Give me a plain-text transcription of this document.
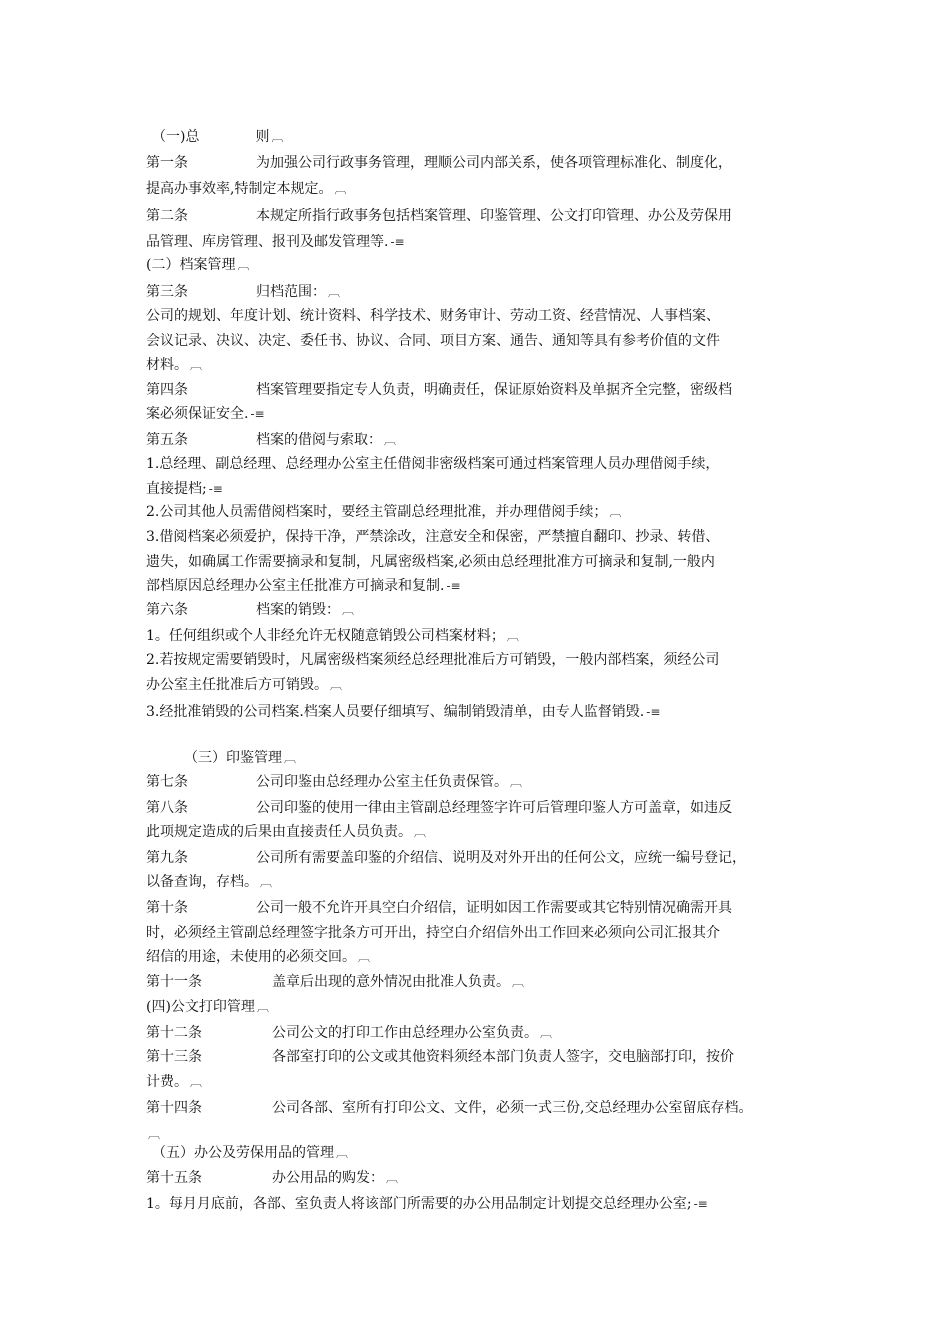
（一)总　　　　则 ︹
第一条	为加强公司行政事务管理，理顺公司内部关系，使各项管理标准化、制度化，
提高办事效率,特制定本规定。 ︹
第二条	本规定所指行政事务包括档案管理、印鉴管理、公文打印管理、办公及劳保用
品管理、库房管理、报刊及邮发管理等. -≡
(二）档案管理 ︹
第三条	归档范围： ︹
公司的规划、年度计划、统计资料、科学技术、财务审计、劳动工资、经营情况、人事档案、
会议记录、决议、决定、委任书、协议、合同、项目方案、通告、通知等具有参考价值的文件
材料。 ︹
第四条	档案管理要指定专人负责，明确责任，保证原始资料及单据齐全完整，密级档
案必须保证安全. -≡
第五条	档案的借阅与索取： ︹
1.总经理、副总经理、总经理办公室主任借阅非密级档案可通过档案管理人员办理借阅手续，
直接提档; -≡
2.公司其他人员需借阅档案时，要经主管副总经理批准，并办理借阅手续； ︹
3.借阅档案必须爱护，保持干净，严禁涂改，注意安全和保密，严禁擅自翻印、抄录、转借、
遗失，如确属工作需要摘录和复制，凡属密级档案,必须由总经理批准方可摘录和复制,一般内
部档原因总经理办公室主任批准方可摘录和复制. -≡
第六条	档案的销毁： ︹
1。任何组织或个人非经允许无权随意销毁公司档案材料； ︹
2.若按规定需要销毁时，凡属密级档案须经总经理批准后方可销毁，一般内部档案，须经公司
办公室主任批准后方可销毁。 ︹
3.经批准销毁的公司档案.档案人员要仔细填写、编制销毁清单，由专人监督销毁. -≡
（三）印鉴管理 ︹
第七条	公司印鉴由总经理办公室主任负责保管。 ︹
第八条	公司印鉴的使用一律由主管副总经理签字许可后管理印鉴人方可盖章，如违反
此项规定造成的后果由直接责任人员负责。 ︹
第九条	公司所有需要盖印鉴的介绍信、说明及对外开出的任何公文，应统一编号登记，
以备查询，存档。 ︹
第十条	公司一般不允许开具空白介绍信，证明如因工作需要或其它特别情况确需开具
时，必须经主管副总经理签字批条方可开出，持空白介绍信外出工作回来必须向公司汇报其介
绍信的用途，未使用的必须交回。 ︹
第十一条	盖章后出现的意外情况由批准人负责。 ︹
(四)公文打印管理 ︹
第十二条	公司公文的打印工作由总经理办公室负责。 ︹
第十三条	各部室打印的公文或其他资料须经本部门负责人签字，交电脑部打印，按价
计费。 ︹
第十四条	公司各部、室所有打印公文、文件，必须一式三份,交总经理办公室留底存档。
︹
（五）办公及劳保用品的管理 ︹
第十五条	办公用品的购发： ︹
1。每月月底前，各部、室负责人将该部门所需要的办公用品制定计划提交总经理办公室; -≡
